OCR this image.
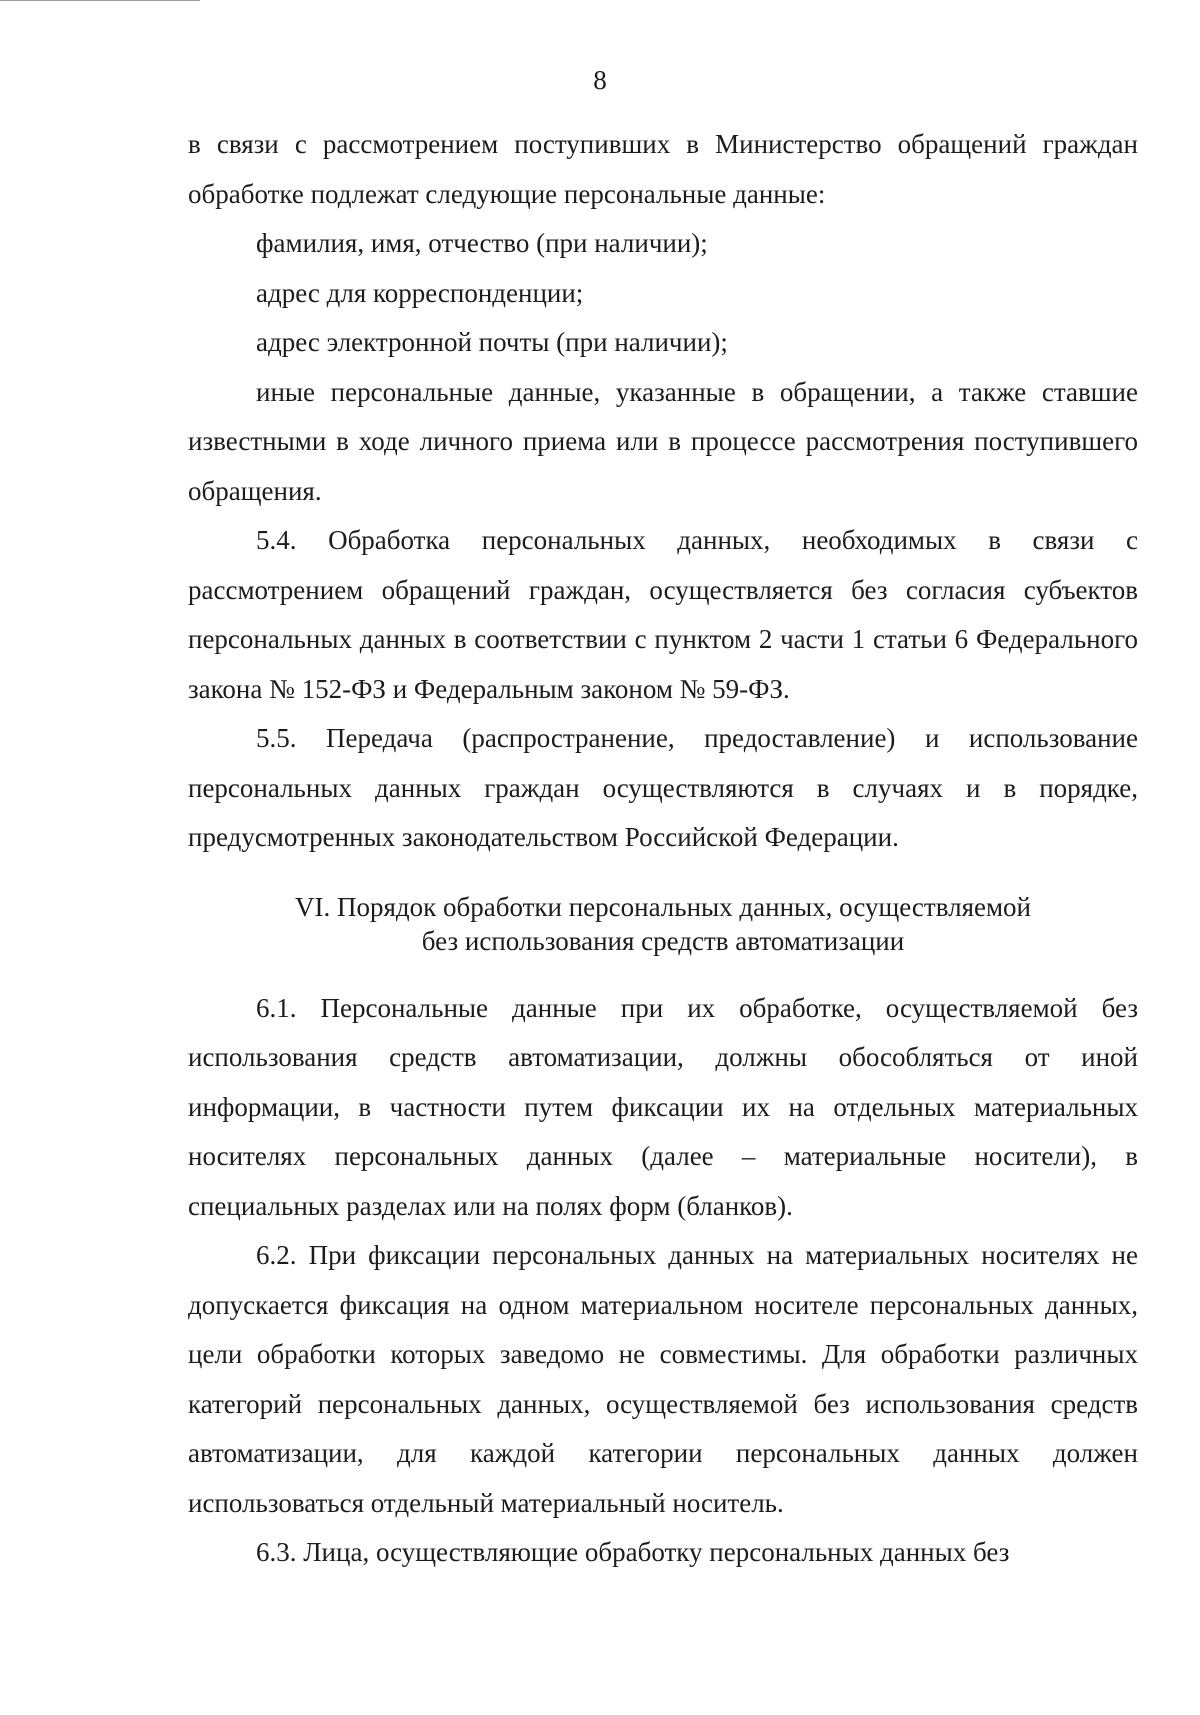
8

в связи с рассмотрением поступивших в Министерство обращений граждан обработке подлежат следующие персональные данные:

фамилия, имя, отчество (при наличии);

адрес для корреспонденции;

адрес электронной почты (при наличии);

иные персональные данные, указанные в обращении, а также ставшие известными в ходе личного приема или в процессе рассмотрения поступившего обращения.

5.4. Обработка персональных данных, необходимых в связи с рассмотрением обращений граждан, осуществляется без согласия субъектов персональных данных в соответствии с пунктом 2 части 1 статьи 6 Федерального закона № 152-ФЗ и Федеральным законом № 59-ФЗ.

5.5. Передача (распространение, предоставление) и использование персональных данных граждан осуществляются в случаях и в порядке, предусмотренных законодательством Российской Федерации.

VI. Порядок обработки персональных данных, осуществляемой
без использования средств автоматизации

6.1. Персональные данные при их обработке, осуществляемой без использования средств автоматизации, должны обособляться от иной информации, в частности путем фиксации их на отдельных материальных носителях персональных данных (далее – материальные носители), в специальных разделах или на полях форм (бланков).

6.2. При фиксации персональных данных на материальных носителях не допускается фиксация на одном материальном носителе персональных данных, цели обработки которых заведомо не совместимы. Для обработки различных категорий персональных данных, осуществляемой без использования средств автоматизации, для каждой категории персональных данных должен использоваться отдельный материальный носитель.

6.3. Лица, осуществляющие обработку персональных данных без
